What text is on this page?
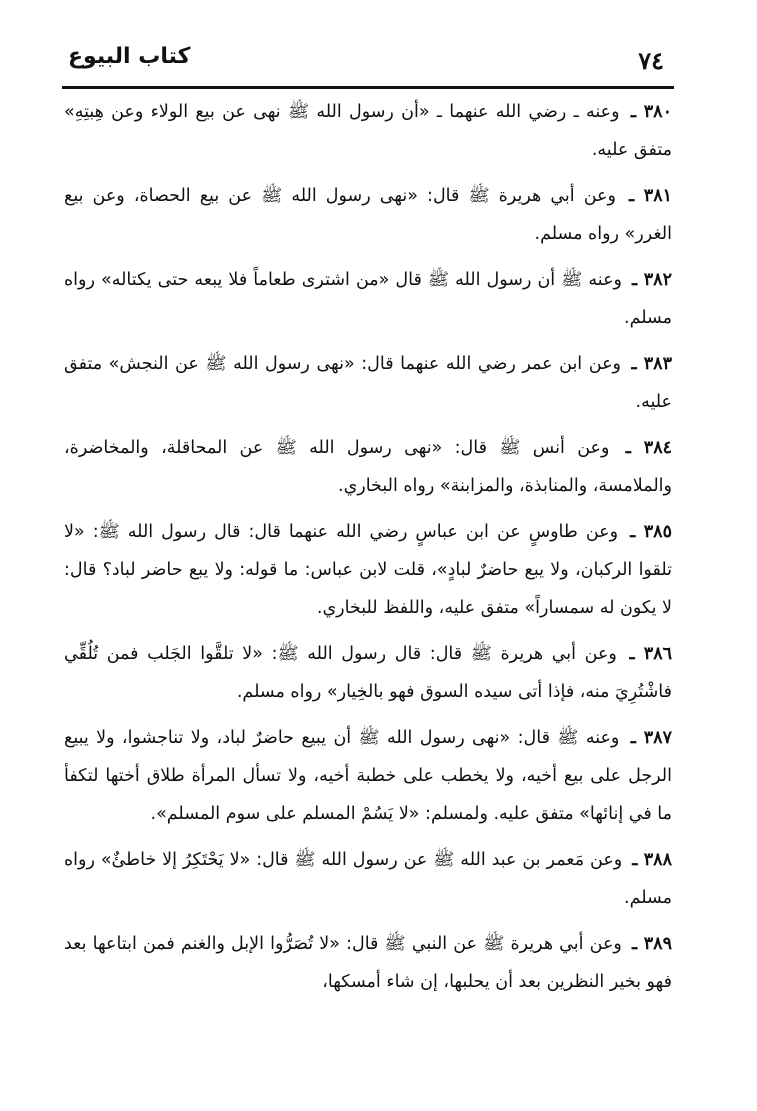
٧٤
كتاب البيوع

٣٨٠ ـ وعنه ـ رضي الله عنهما ـ «أن رسول الله ﷺ نهى عن بيع الولاء وعن هِبتِهِ» متفق عليه.

٣٨١ ـ وعن أبي هريرة ﷺ قال: «نهى رسول الله ﷺ عن بيع الحصاة، وعن بيع الغرر» رواه مسلم.

٣٨٢ ـ وعنه ﷺ أن رسول الله ﷺ قال «من اشترى طعاماً فلا يبعه حتى يكتاله» رواه مسلم.

٣٨٣ ـ وعن ابن عمر رضي الله عنهما قال: «نهى رسول الله ﷺ عن النجش» متفق عليه.

٣٨٤ ـ وعن أنس ﷺ قال: «نهى رسول الله ﷺ عن المحاقلة، والمخاضرة، والملامسة، والمنابذة، والمزابنة» رواه البخاري.

٣٨٥ ـ وعن طاوسٍ عن ابن عباسٍ رضي الله عنهما قال: قال رسول الله ﷺ: «لا تلقوا الركبان، ولا يبع حاضرٌ لبادٍ»، قلت لابن عباس: ما قوله: ولا يبع حاضر لباد؟ قال: لا يكون له سمساراً» متفق عليه، واللفظ للبخاري.

٣٨٦ ـ وعن أبي هريرة ﷺ قال: قال رسول الله ﷺ: «لا تلقَّوا الجَلب فمن تُلُقِّي فاشْتُرِيَ منه، فإذا أتى سيده السوق فهو بالخِيار» رواه مسلم.

٣٨٧ ـ وعنه ﷺ قال: «نهى رسول الله ﷺ أن يبيع حاضرٌ لباد، ولا تناجشوا، ولا يبيع الرجل على بيع أخيه، ولا يخطب على خطبة أخيه، ولا تسأل المرأة طلاق أختها لتكفأ ما في إنائها» متفق عليه. ولمسلم: «لا يَسُمْ المسلم على سوم المسلم».

٣٨٨ ـ وعن مَعمر بن عبد الله ﷺ عن رسول الله ﷺ قال: «لا يَحْتَكِرُ إلا خاطئٌ» رواه مسلم.

٣٨٩ ـ وعن أبي هريرة ﷺ عن النبي ﷺ قال: «لا تُصَرُّوا الإبل والغنم فمن ابتاعها بعد فهو بخير النظرين بعد أن يحلبها، إن شاء أمسكها،
